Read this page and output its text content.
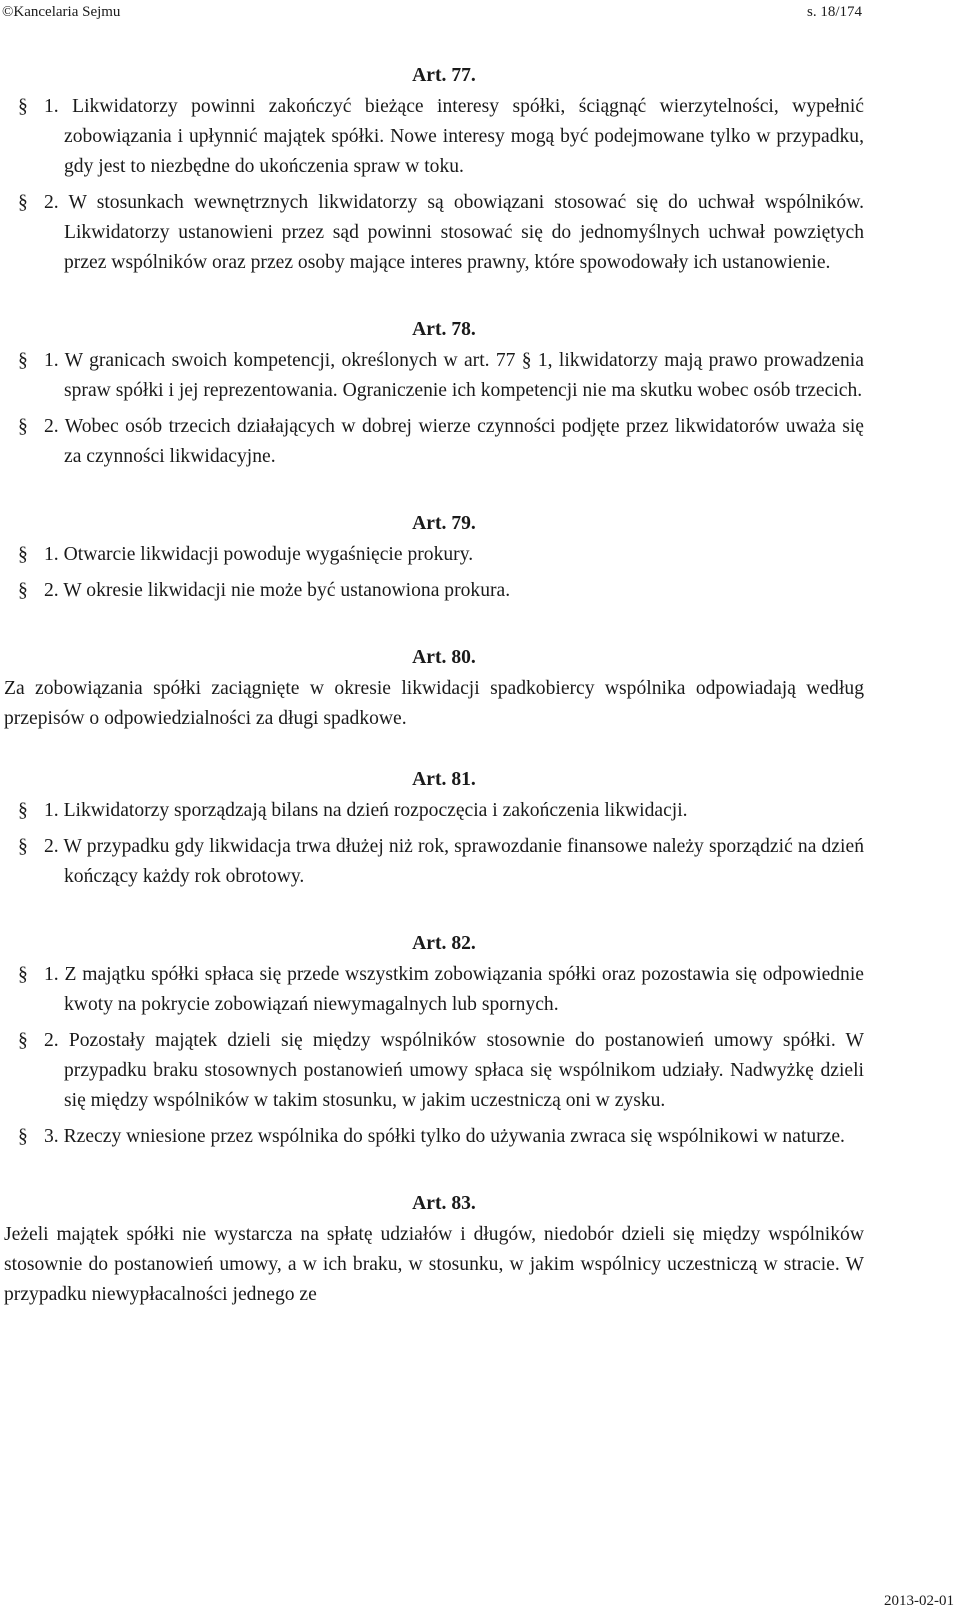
©Kancelaria Sejmu	s. 18/174

Art. 77.

§ 1. Likwidatorzy powinni zakończyć bieżące interesy spółki, ściągnąć wierzytelności, wypełnić zobowiązania i upłynnić majątek spółki. Nowe interesy mogą być podejmowane tylko w przypadku, gdy jest to niezbędne do ukończenia spraw w toku.

§ 2. W stosunkach wewnętrznych likwidatorzy są obowiązani stosować się do uchwał wspólników. Likwidatorzy ustanowieni przez sąd powinni stosować się do jednomyślnych uchwał powziętych przez wspólników oraz przez osoby mające interes prawny, które spowodowały ich ustanowienie.

Art. 78.

§ 1. W granicach swoich kompetencji, określonych w art. 77 § 1, likwidatorzy mają prawo prowadzenia spraw spółki i jej reprezentowania. Ograniczenie ich kompetencji nie ma skutku wobec osób trzecich.

§ 2. Wobec osób trzecich działających w dobrej wierze czynności podjęte przez likwidatorów uważa się za czynności likwidacyjne.

Art. 79.

§ 1. Otwarcie likwidacji powoduje wygaśnięcie prokury.

§ 2. W okresie likwidacji nie może być ustanowiona prokura.

Art. 80.

Za zobowiązania spółki zaciągnięte w okresie likwidacji spadkobiercy wspólnika odpowiadają według przepisów o odpowiedzialności za długi spadkowe.

Art. 81.

§ 1. Likwidatorzy sporządzają bilans na dzień rozpoczęcia i zakończenia likwidacji.

§ 2. W przypadku gdy likwidacja trwa dłużej niż rok, sprawozdanie finansowe należy sporządzić na dzień kończący każdy rok obrotowy.

Art. 82.

§ 1. Z majątku spółki spłaca się przede wszystkim zobowiązania spółki oraz pozostawia się odpowiednie kwoty na pokrycie zobowiązań niewymagalnych lub spornych.

§ 2. Pozostały majątek dzieli się między wspólników stosownie do postanowień umowy spółki. W przypadku braku stosownych postanowień umowy spłaca się wspólnikom udziały. Nadwyżkę dzieli się między wspólników w takim stosunku, w jakim uczestniczą oni w zysku.

§ 3. Rzeczy wniesione przez wspólnika do spółki tylko do używania zwraca się wspólnikowi w naturze.

Art. 83.

Jeżeli majątek spółki nie wystarcza na spłatę udziałów i długów, niedobór dzieli się między wspólników stosownie do postanowień umowy, a w ich braku, w stosunku, w jakim wspólnicy uczestniczą w stracie. W przypadku niewypłacalności jednego ze

2013-02-01
